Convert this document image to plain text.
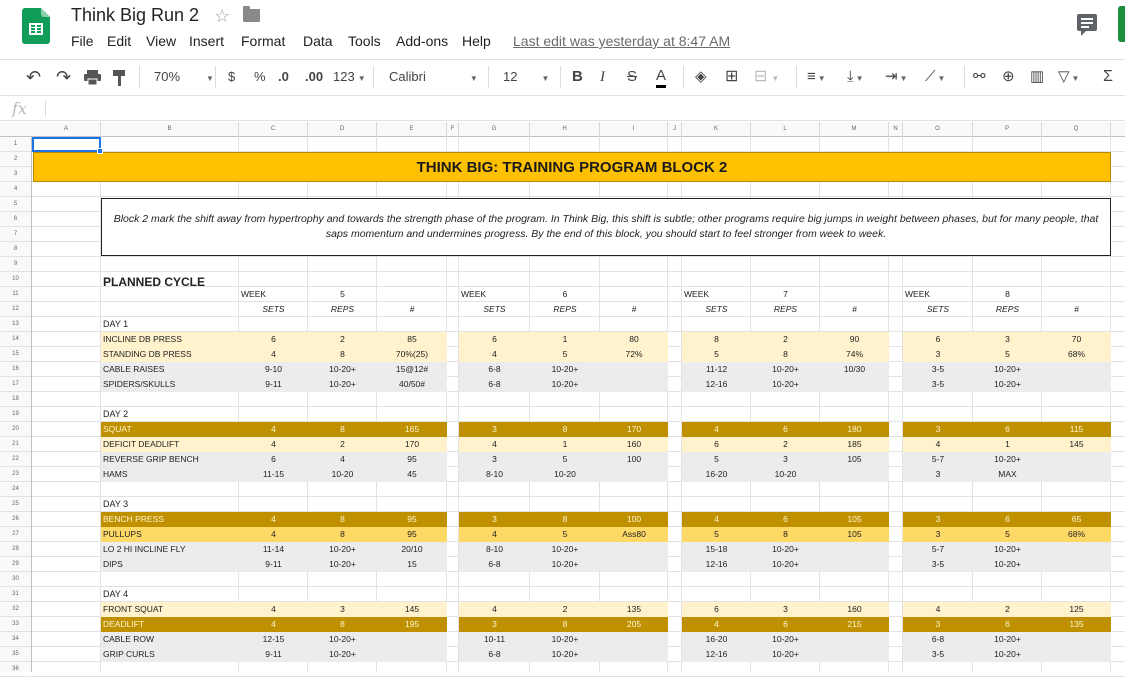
Think Big Run 2 ☆
File Edit View Insert Format Data Tools Add-ons Help Last edit was yesterday at 8:47 AM
↶ ↷	70%	▼ $ % .0 .00 123 ▼ Calibri	▼ 12	▼ B I S A ◈ ⊞ ⊟ ▼ ≡ ▼ ⤓ ▼ ⇥ ▼ ⟋ ▼ ⚯ ⊕ ▥ ▽ ▼ Σ
fx
A	B	C	D	E	F	G	H	I	J	K	L	M	N	O	P	Q
1
2
3
4
5
6
7
8
9
10
11
12
13
14
15
16
17
18
19
20
21
22
23
24
25
26
27
28
29
30
31
32
33
34
35
36
WEEK	5
SETS	REPS	#
WEEK	6
SETS	REPS	#
WEEK	7
SETS	REPS	#
WEEK	8
SETS	REPS	#
DAY 1
INCLINE DB PRESS	6	2	85	6	1	80	8	2	90	6	3	70
STANDING DB PRESS	4	8	70%(25)	4	5	72%	5	8	74%	3	5	68%
CABLE RAISES	9-10	10-20+	15@12#	6-8	10-20+	11-12	10-20+	10/30	3-5	10-20+
SPIDERS/SKULLS	9-11	10-20+	40/50#	6-8	10-20+	12-16	10-20+	3-5	10-20+
DAY 2
SQUAT	4	8	165	3	8	170	4	6	180	3	6	115
DEFICIT DEADLIFT	4	2	170	4	1	160	6	2	185	4	1	145
REVERSE GRIP BENCH	6	4	95	3	5	100	5	3	105	5-7	10-20+
HAMS	11-15	10-20	45	8-10	10-20	16-20	10-20	3	MAX
DAY 3
BENCH PRESS	4	8	95	3	8	100	4	6	105	3	6	65
PULLUPS	4	8	95	4	5	Ass80	5	8	105	3	5	68%
LO 2 HI INCLINE FLY	11-14	10-20+	20/10	8-10	10-20+	15-18	10-20+	5-7	10-20+
DIPS	9-11	10-20+	15	6-8	10-20+	12-16	10-20+	3-5	10-20+
DAY 4
FRONT SQUAT	4	3	145	4	2	135	6	3	160	4	2	125
DEADLIFT	4	8	195	3	8	205	4	6	215	3	6	135
CABLE ROW	12-15	10-20+	10-11	10-20+	16-20	10-20+	6-8	10-20+
GRIP CURLS	9-11	10-20+	6-8	10-20+	12-16	10-20+	3-5	10-20+
THINK BIG: TRAINING PROGRAM BLOCK 2
Block 2 mark the shift away from hypertrophy and towards the strength phase of the program. In Think Big, this shift is subtle; other programs require big jumps in weight between phases, but for many people, that saps momentum and undermines progress. By the end of this block, you should start to feel stronger from week to week.
PLANNED CYCLE
